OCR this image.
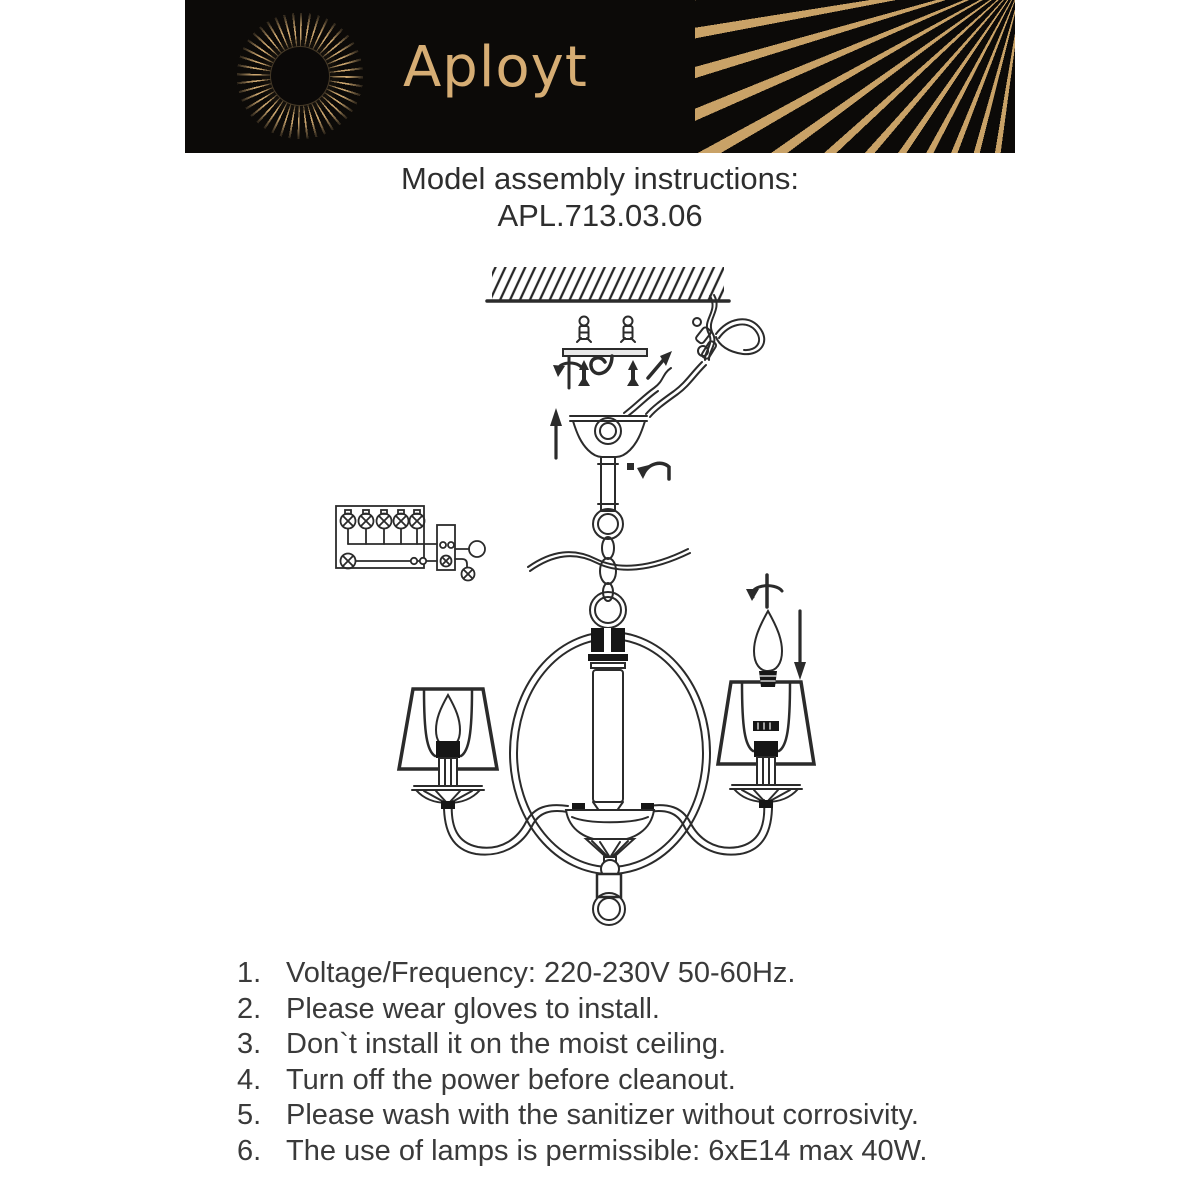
Aployt
Model assembly instructions:
APL.713.03.06
1. Voltage/Frequency: 220-230V 50-60Hz.
2. Please wear gloves to install.
3. Don`t install it on the moist ceiling.
4. Turn off the power before cleanout.
5. Please wash with the sanitizer without corrosivity.
6. The use of lamps is permissible: 6xE14 max 40W.
